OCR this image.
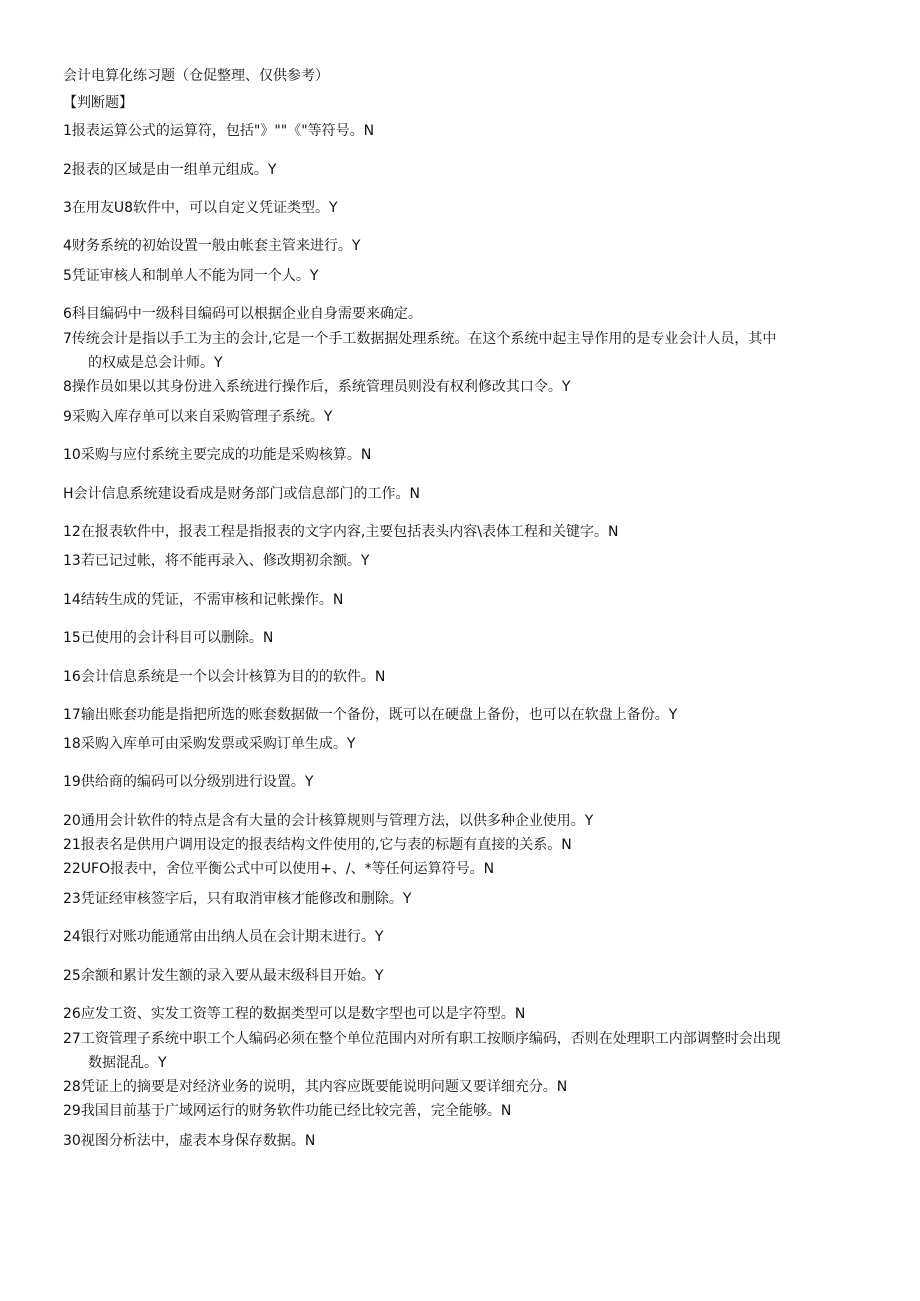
会计电算化练习题（仓促整理、仅供参考）
【判断题】
1报表运算公式的运算符，包括"》""《"等符号。N
2报表的区域是由一组单元组成。Y
3在用友U8软件中，可以自定义凭证类型。Y
4财务系统的初始设置一般由帐套主管来进行。Y
5凭证审核人和制单人不能为同一个人。Y
6科目编码中一级科目编码可以根据企业自身需要来确定。
7传统会计是指以手工为主的会计,它是一个手工数据据处理系统。在这个系统中起主导作用的是专业会计人员，其中
的权威是总会计师。Y
8操作员如果以其身份进入系统进行操作后，系统管理员则没有权利修改其口令。Y
9采购入库存单可以来自采购管理子系统。Y
10采购与应付系统主要完成的功能是采购核算。N
H会计信息系统建设看成是财务部门或信息部门的工作。N
12在报表软件中，报表工程是指报表的文字内容,主要包括表头内容\表体工程和关键字。N
13若已记过帐，将不能再录入、修改期初余额。Y
14结转生成的凭证，不需审核和记帐操作。N
15已使用的会计科目可以删除。N
16会计信息系统是一个以会计核算为目的的软件。N
17输出账套功能是指把所选的账套数据做一个备份，既可以在硬盘上备份，也可以在软盘上备份。Y
18采购入库单可由采购发票或采购订单生成。Y
19供给商的编码可以分级别进行设置。Y
20通用会计软件的特点是含有大量的会计核算规则与管理方法，以供多种企业使用。Y
21报表名是供用户调用设定的报表结构文件使用的,它与表的标题有直接的关系。N
22UFO报表中，舍位平衡公式中可以使用+、/、*等任何运算符号。N
23凭证经审核签字后，只有取消审核才能修改和删除。Y
24银行对账功能通常由出纳人员在会计期末进行。Y
25余额和累计发生额的录入要从最末级科目开始。Y
26应发工资、实发工资等工程的数据类型可以是数字型也可以是字符型。N
27工资管理子系统中职工个人编码必须在整个单位范围内对所有职工按顺序编码，否则在处理职工内部调整时会出现
数据混乱。Y
28凭证上的摘要是对经济业务的说明，其内容应既要能说明问题又要详细充分。N
29我国目前基于广域网运行的财务软件功能已经比较完善，完全能够。N
30视图分析法中，虚表本身保存数据。N
